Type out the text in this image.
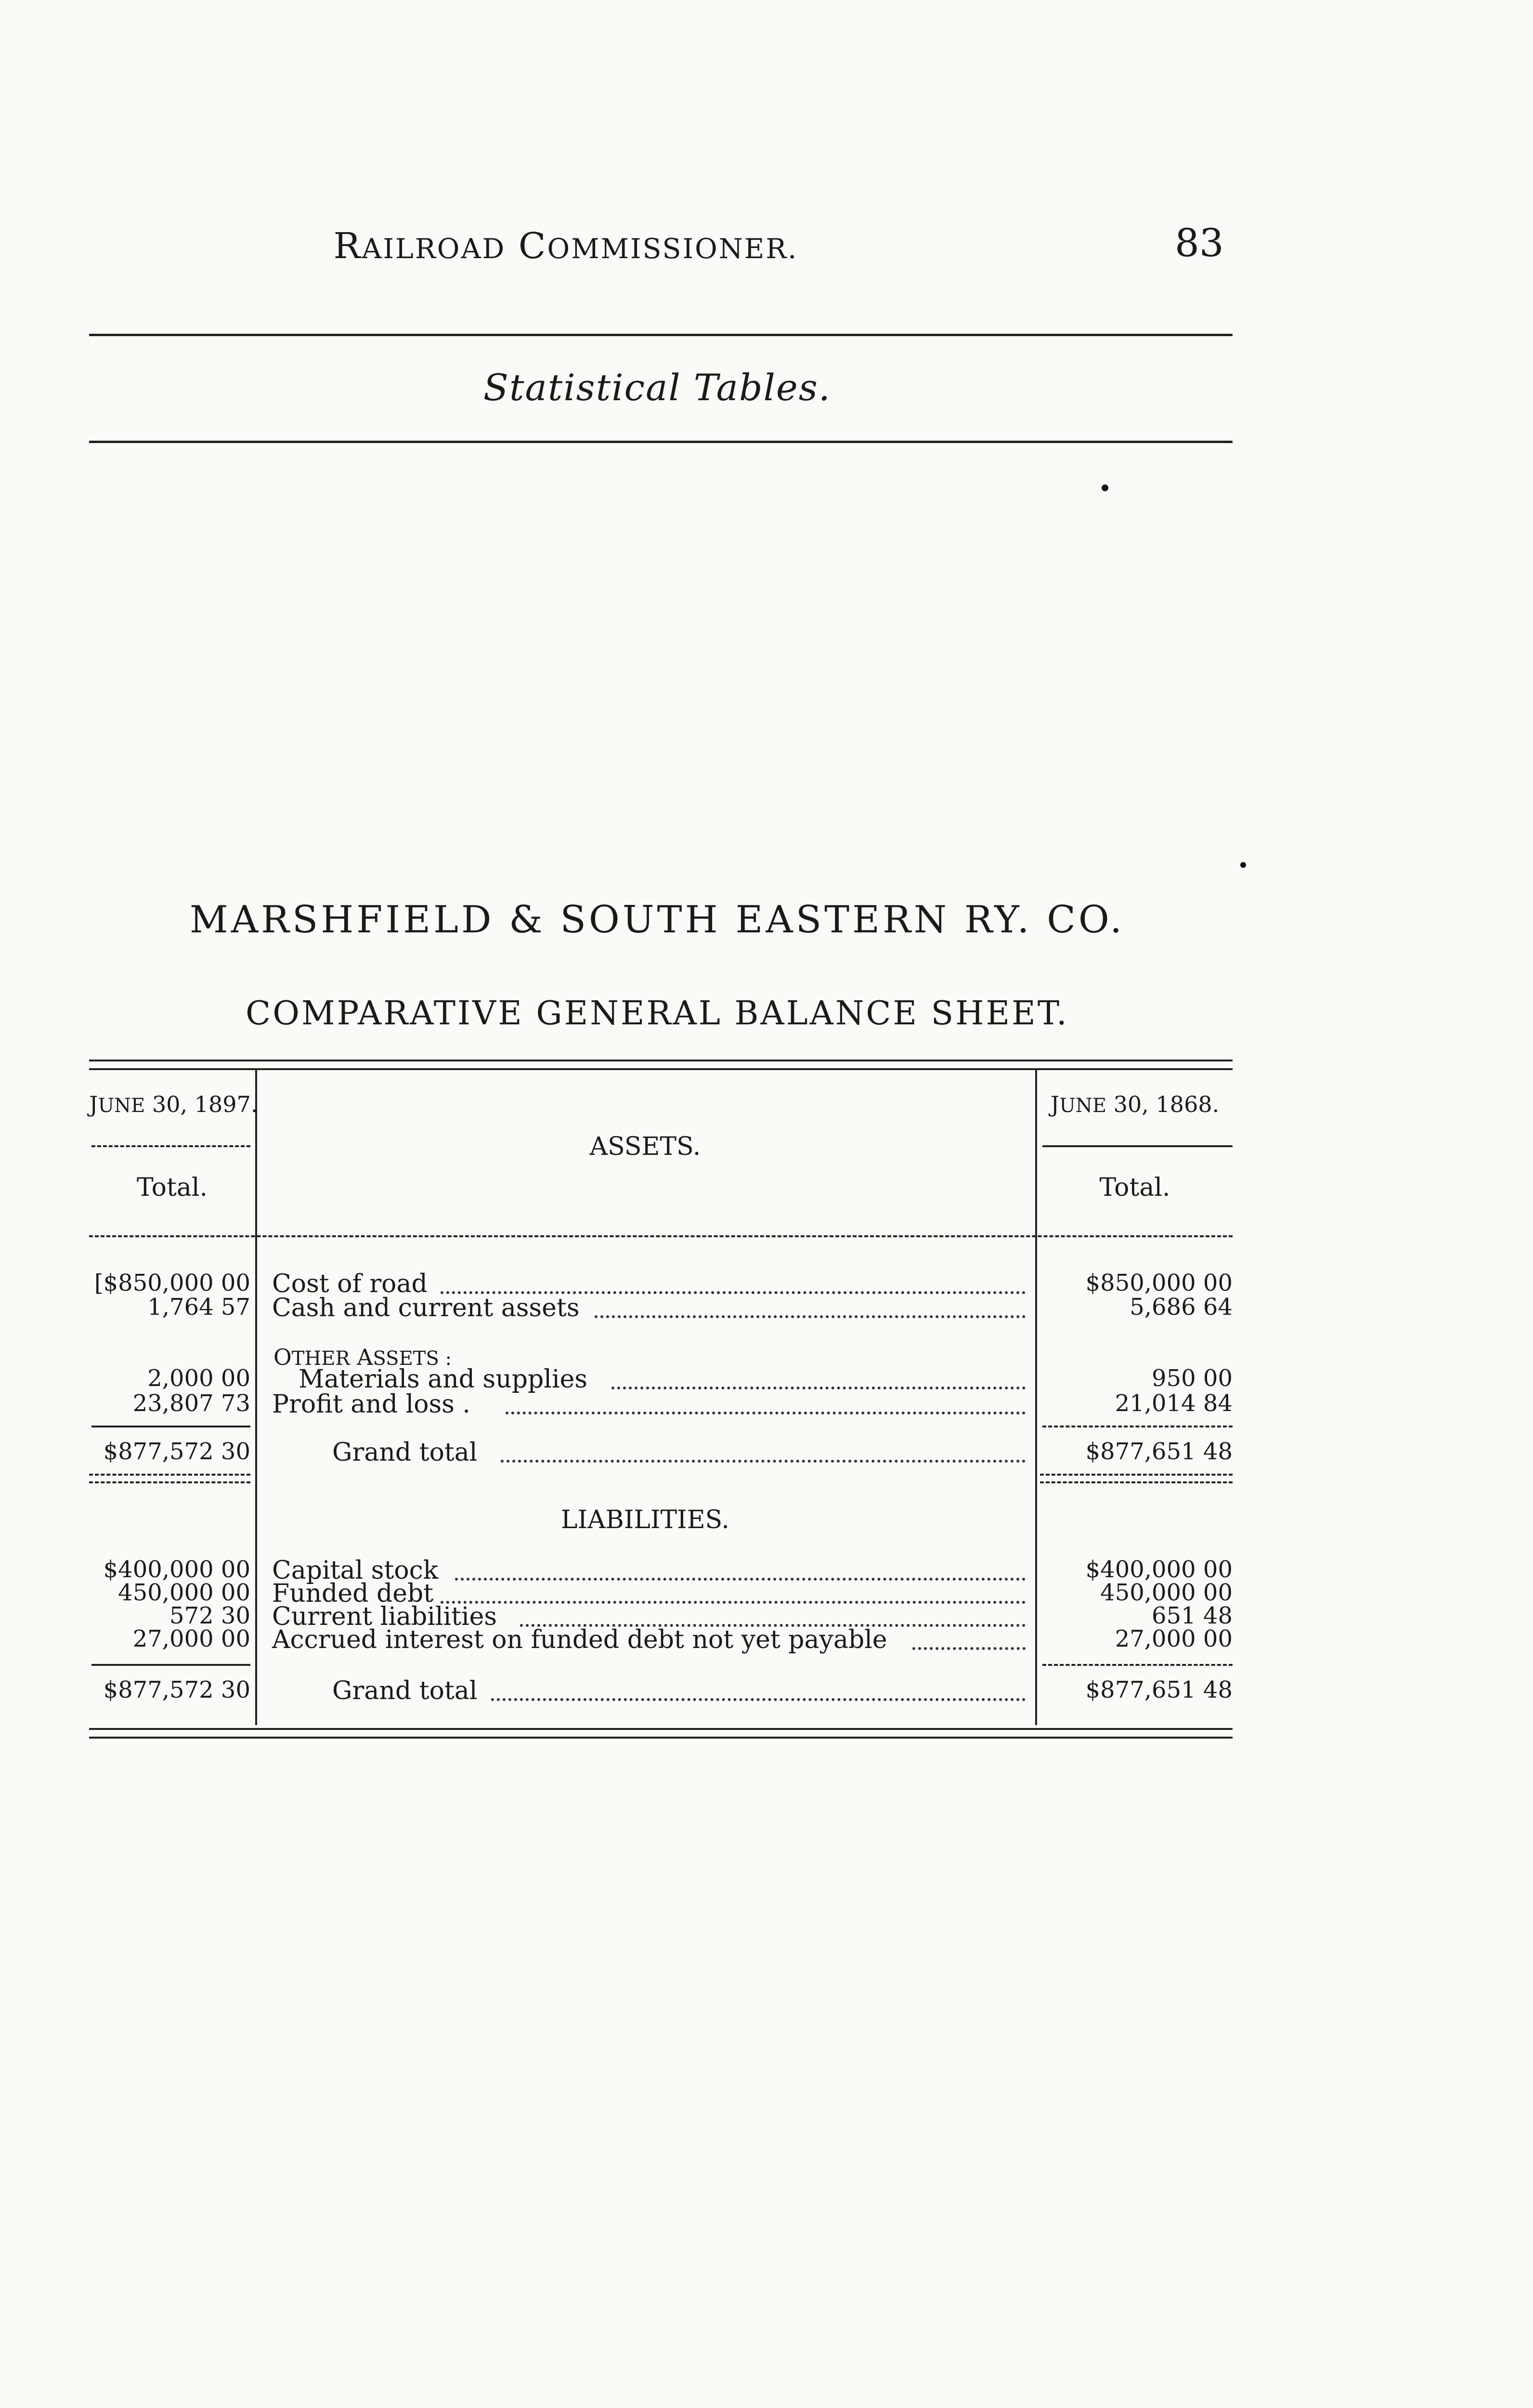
RAILROAD COMMISSIONER.	83
Statistical Tables.
MARSHFIELD & SOUTH EASTERN RY. CO.
COMPARATIVE GENERAL BALANCE SHEET.
JUNE 30, 1897.
Total.
ASSETS.
JUNE 30, 1868.
Total.
[$850,000 00 Cost of road	$850,000 00
1,764 57 Cash and current assets	5,686 64
OTHER ASSETS :
2,000 00 Materials and supplies	950 00
23,807 73 Profit and loss .	21,014 84
$877,572 30	Grand total	$877,651 48
LIABILITIES.
$400,000 00 Capital stock	$400,000 00
450,000 00 Funded debt	450,000 00
572 30 Current liabilities	651 48
27,000 00 Accrued interest on funded debt not yet payable	27,000 00
$877,572 30	Grand total	$877,651 48
